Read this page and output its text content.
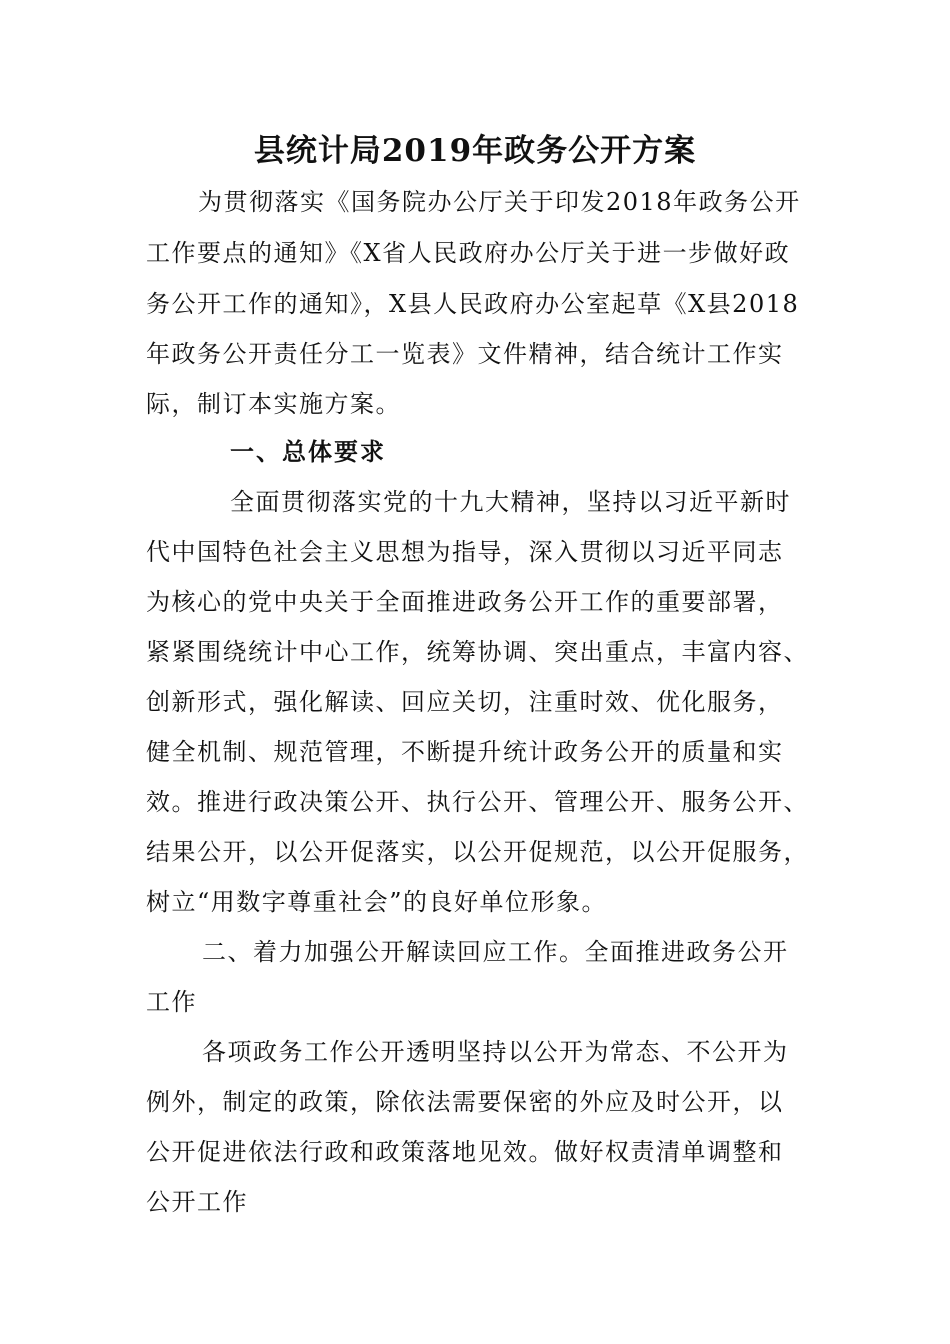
县统计局2019年政务公开方案
为贯彻落实《国务院办公厅关于印发2018年政务公开
工作要点的通知》《X省人民政府办公厅关于进一步做好政
务公开工作的通知》，X县人民政府办公室起草《X县2018
年政务公开责任分工一览表》文件精神，结合统计工作实
际，制订本实施方案。
一、总体要求
全面贯彻落实党的十九大精神，坚持以习近平新时
代中国特色社会主义思想为指导，深入贯彻以习近平同志
为核心的党中央关于全面推进政务公开工作的重要部署，
紧紧围绕统计中心工作，统筹协调、突出重点，丰富内容、
创新形式，强化解读、回应关切，注重时效、优化服务，
健全机制、规范管理，不断提升统计政务公开的质量和实
效。推进行政决策公开、执行公开、管理公开、服务公开、
结果公开，以公开促落实，以公开促规范，以公开促服务，
树立“用数字尊重社会”的良好单位形象。
二、着力加强公开解读回应工作。全面推进政务公开
工作
各项政务工作公开透明坚持以公开为常态、不公开为
例外，制定的政策，除依法需要保密的外应及时公开，以
公开促进依法行政和政策落地见效。做好权责清单调整和
公开工作
